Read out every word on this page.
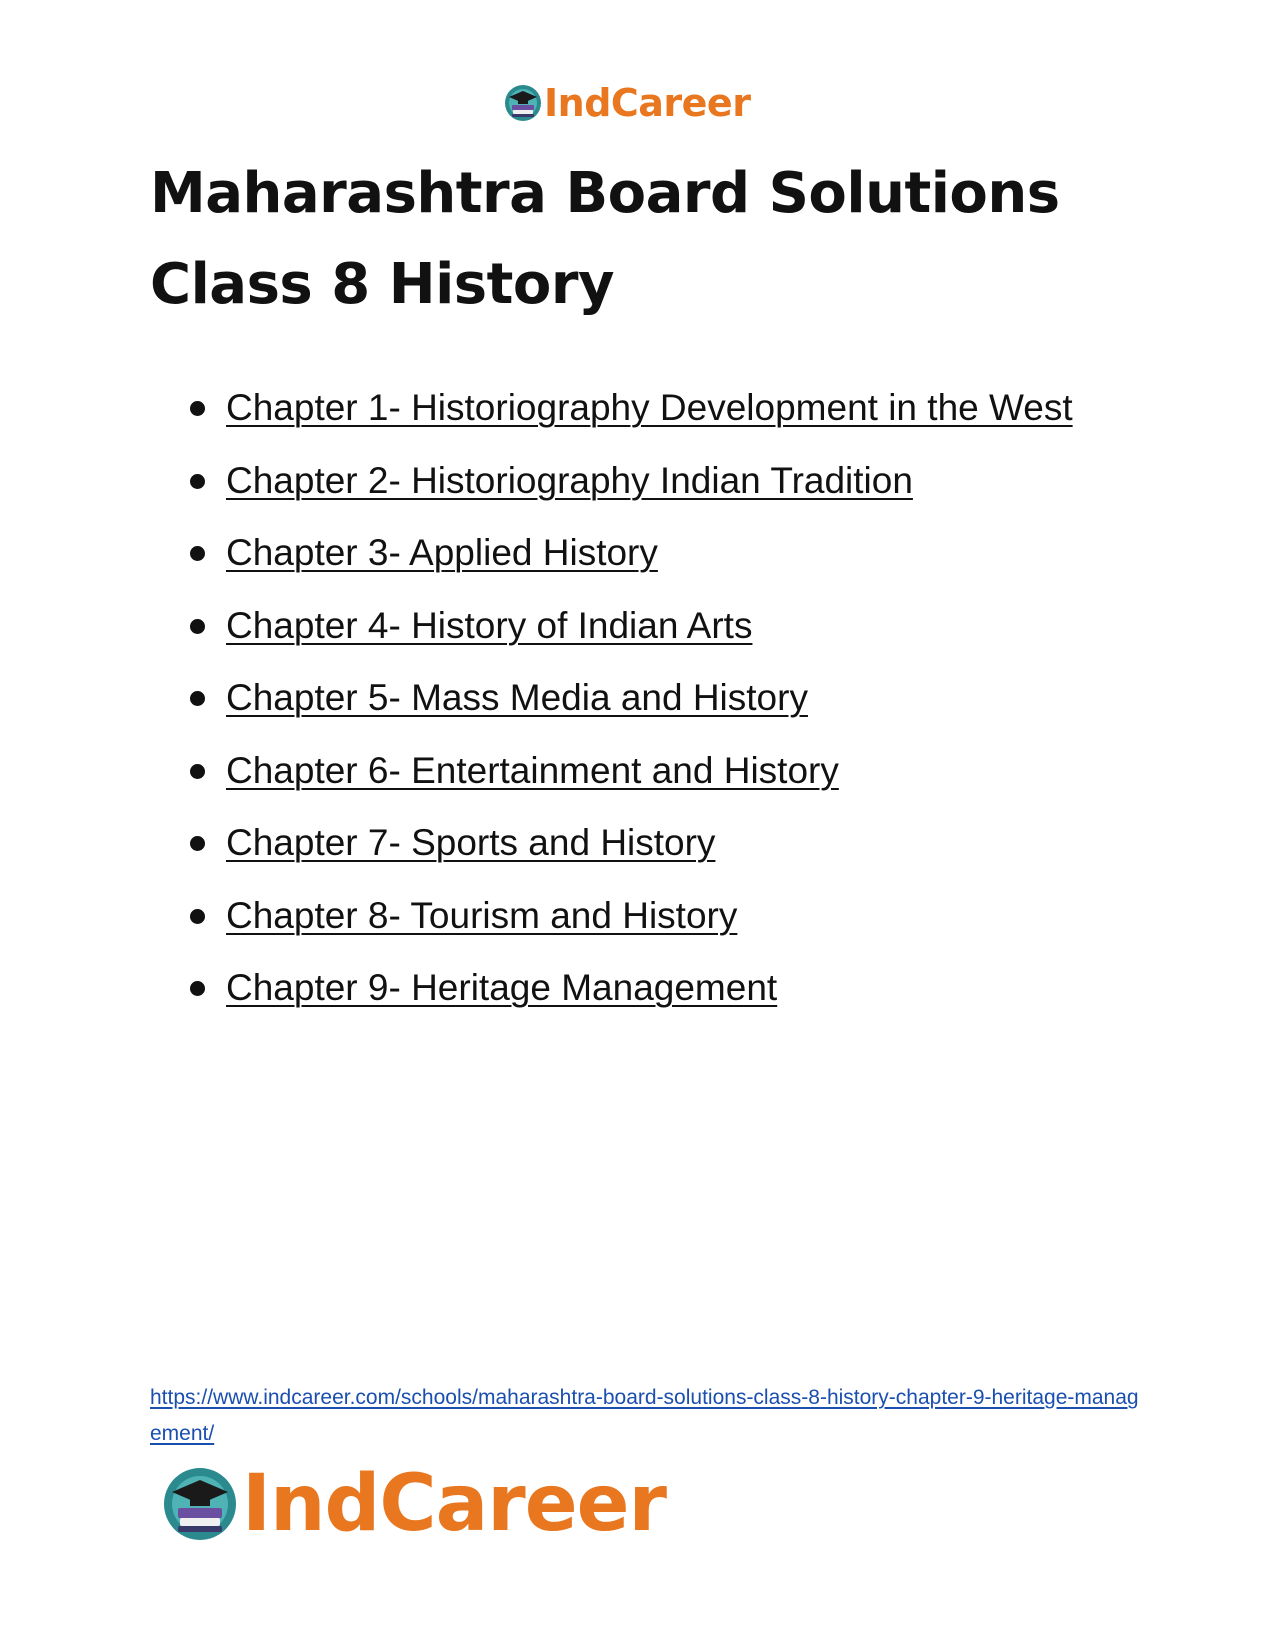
IndCareer
Maharashtra Board Solutions
Class 8 History
Chapter 1- Historiography Development in the West
Chapter 2- Historiography Indian Tradition
Chapter 3- Applied History
Chapter 4- History of Indian Arts
Chapter 5- Mass Media and History
Chapter 6- Entertainment and History
Chapter 7- Sports and History
Chapter 8- Tourism and History
Chapter 9- Heritage Management
https://www.indcareer.com/schools/maharashtra-board-solutions-class-8-history-chapter-9-heritage-management/
IndCareer
